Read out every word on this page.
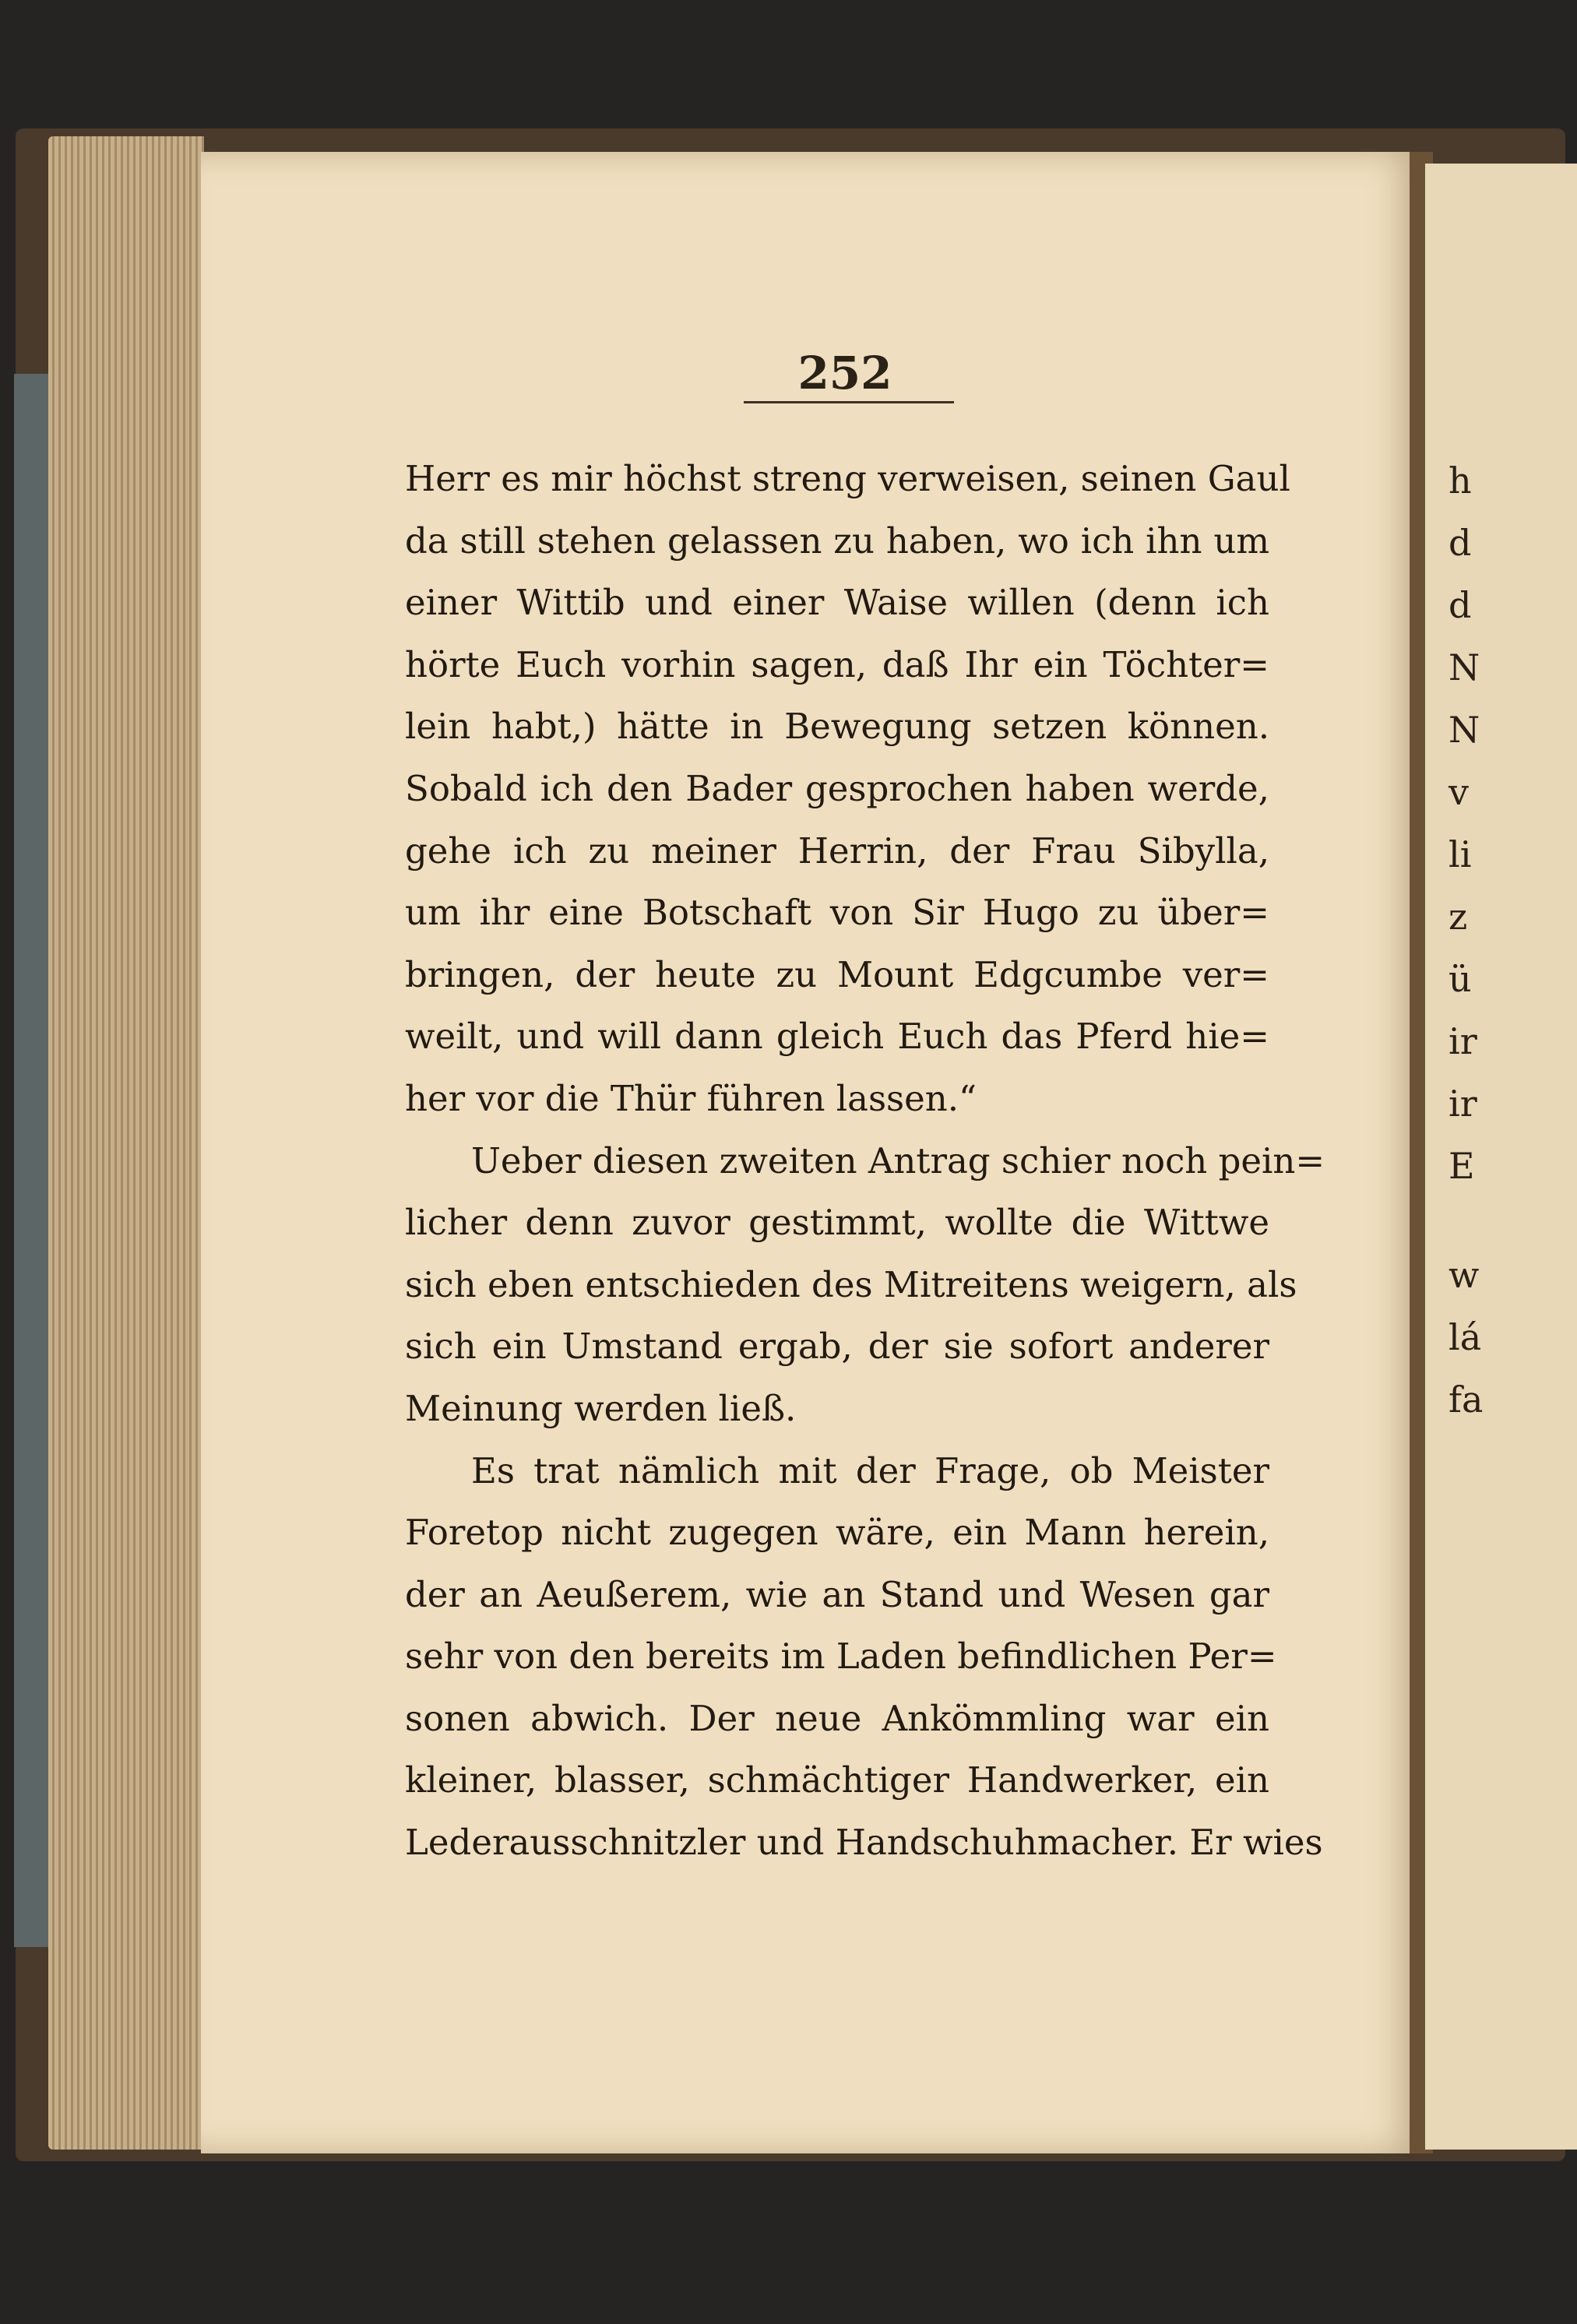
h
d
d
N
N
v
li
z
ü
ir
ir
E
w
lá
fa
252
Herr es mir höchst streng verweisen, seinen Gaul
da still stehen gelassen zu haben, wo ich ihn um
einer Wittib und einer Waise willen (denn ich
hörte Euch vorhin sagen, daß Ihr ein Töchter=
lein habt,) hätte in Bewegung setzen können.
Sobald ich den Bader gesprochen haben werde,
gehe ich zu meiner Herrin, der Frau Sibylla,
um ihr eine Botschaft von Sir Hugo zu über=
bringen, der heute zu Mount Edgcumbe ver=
weilt, und will dann gleich Euch das Pferd hie=
her vor die Thür führen lassen.“
Ueber diesen zweiten Antrag schier noch pein=
licher denn zuvor gestimmt, wollte die Wittwe
sich eben entschieden des Mitreitens weigern, als
sich ein Umstand ergab, der sie sofort anderer
Meinung werden ließ.
Es trat nämlich mit der Frage, ob Meister
Foretop nicht zugegen wäre, ein Mann herein,
der an Aeußerem, wie an Stand und Wesen gar
sehr von den bereits im Laden befindlichen Per=
sonen abwich. Der neue Ankömmling war ein
kleiner, blasser, schmächtiger Handwerker, ein
Lederausschnitzler und Handschuhmacher. Er wies
